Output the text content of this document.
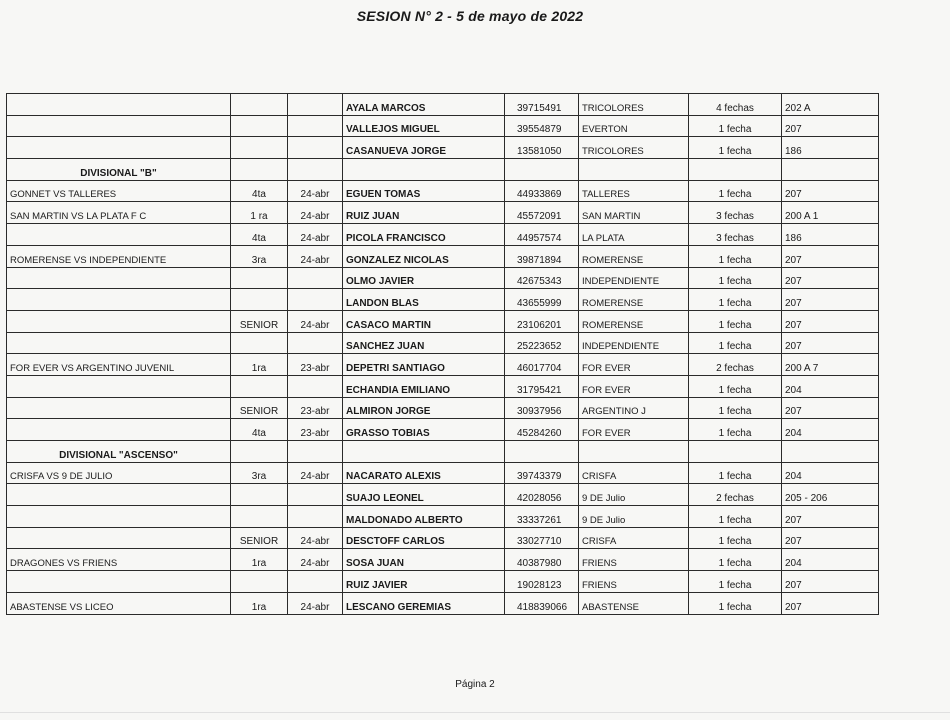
SESION N° 2 - 5 de mayo de 2022
			AYALA MARCOS	39715491	TRICOLORES	4 fechas	202 A
			VALLEJOS MIGUEL	39554879	EVERTON	1 fecha	207
			CASANUEVA JORGE	13581050	TRICOLORES	1 fecha	186
DIVISIONAL "B"							
GONNET VS TALLERES	4ta	24-abr	EGUEN TOMAS	44933869	TALLERES	1 fecha	207
SAN MARTIN VS LA PLATA F C	1 ra	24-abr	RUIZ JUAN	45572091	SAN MARTIN	3 fechas	200 A 1
	4ta	24-abr	PICOLA FRANCISCO	44957574	LA PLATA	3 fechas	186
ROMERENSE VS INDEPENDIENTE	3ra	24-abr	GONZALEZ NICOLAS	39871894	ROMERENSE	1 fecha	207
			OLMO JAVIER	42675343	INDEPENDIENTE	1 fecha	207
			LANDON BLAS	43655999	ROMERENSE	1 fecha	207
	SENIOR	24-abr	CASACO MARTIN	23106201	ROMERENSE	1 fecha	207
			SANCHEZ JUAN	25223652	INDEPENDIENTE	1 fecha	207
FOR EVER VS ARGENTINO JUVENIL	1ra	23-abr	DEPETRI SANTIAGO	46017704	FOR EVER	2 fechas	200 A 7
			ECHANDIA EMILIANO	31795421	FOR EVER	1 fecha	204
	SENIOR	23-abr	ALMIRON JORGE	30937956	ARGENTINO J	1 fecha	207
	4ta	23-abr	GRASSO TOBIAS	45284260	FOR EVER	1 fecha	204
DIVISIONAL "ASCENSO"							
CRISFA VS 9 DE JULIO	3ra	24-abr	NACARATO ALEXIS	39743379	CRISFA	1 fecha	204
			SUAJO LEONEL	42028056	9 DE Julio	2 fechas	205 - 206
			MALDONADO ALBERTO	33337261	9 DE Julio	1 fecha	207
	SENIOR	24-abr	DESCTOFF CARLOS	33027710	CRISFA	1 fecha	207
DRAGONES VS FRIENS	1ra	24-abr	SOSA JUAN	40387980	FRIENS	1 fecha	204
			RUIZ JAVIER	19028123	FRIENS	1 fecha	207
ABASTENSE VS LICEO	1ra	24-abr	LESCANO GEREMIAS	418839066	ABASTENSE	1 fecha	207
Página 2
